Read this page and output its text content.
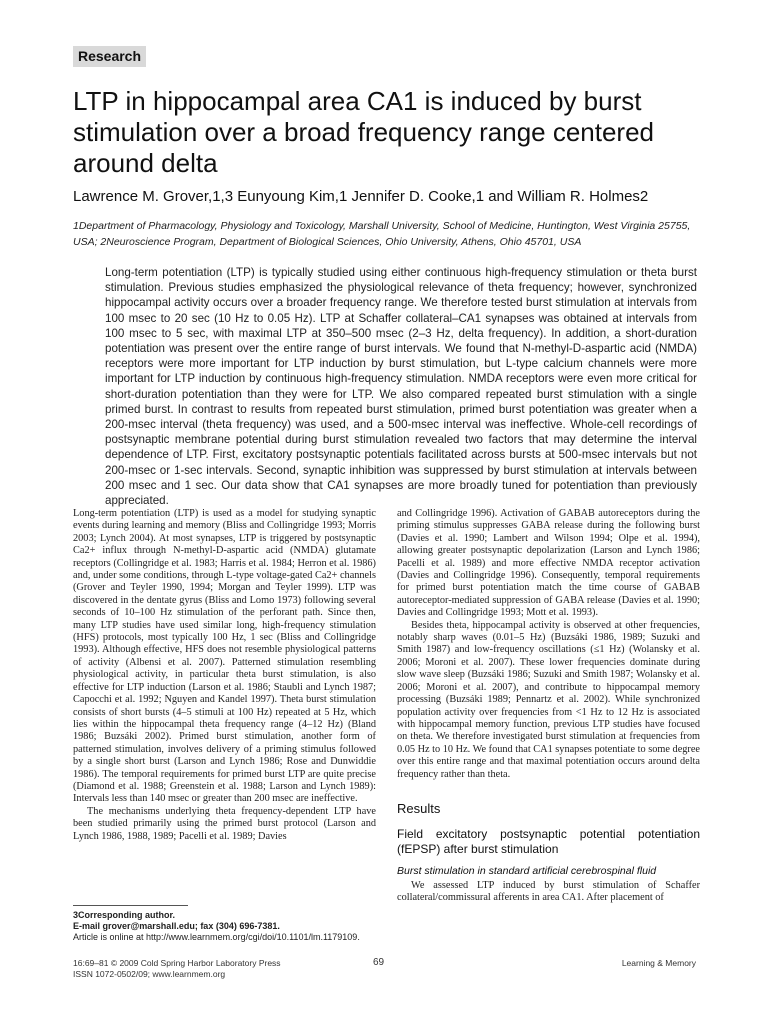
Research
LTP in hippocampal area CA1 is induced by burst stimulation over a broad frequency range centered around delta
Lawrence M. Grover,1,3 Eunyoung Kim,1 Jennifer D. Cooke,1 and William R. Holmes2
1Department of Pharmacology, Physiology and Toxicology, Marshall University, School of Medicine, Huntington, West Virginia 25755, USA; 2Neuroscience Program, Department of Biological Sciences, Ohio University, Athens, Ohio 45701, USA
Long-term potentiation (LTP) is typically studied using either continuous high-frequency stimulation or theta burst stimulation. Previous studies emphasized the physiological relevance of theta frequency; however, synchronized hippocampal activity occurs over a broader frequency range. We therefore tested burst stimulation at intervals from 100 msec to 20 sec (10 Hz to 0.05 Hz). LTP at Schaffer collateral–CA1 synapses was obtained at intervals from 100 msec to 5 sec, with maximal LTP at 350–500 msec (2–3 Hz, delta frequency). In addition, a short-duration potentiation was present over the entire range of burst intervals. We found that N-methyl-D-aspartic acid (NMDA) receptors were more important for LTP induction by burst stimulation, but L-type calcium channels were more important for LTP induction by continuous high-frequency stimulation. NMDA receptors were even more critical for short-duration potentiation than they were for LTP. We also compared repeated burst stimulation with a single primed burst. In contrast to results from repeated burst stimulation, primed burst potentiation was greater when a 200-msec interval (theta frequency) was used, and a 500-msec interval was ineffective. Whole-cell recordings of postsynaptic membrane potential during burst stimulation revealed two factors that may determine the interval dependence of LTP. First, excitatory postsynaptic potentials facilitated across bursts at 500-msec intervals but not 200-msec or 1-sec intervals. Second, synaptic inhibition was suppressed by burst stimulation at intervals between 200 msec and 1 sec. Our data show that CA1 synapses are more broadly tuned for potentiation than previously appreciated.

Long-term potentiation (LTP) is used as a model for studying synaptic events during learning and memory (Bliss and Collingridge 1993; Morris 2003; Lynch 2004). At most synapses, LTP is triggered by postsynaptic Ca2+ influx through N-methyl-D-aspartic acid (NMDA) glutamate receptors (Collingridge et al. 1983; Harris et al. 1984; Herron et al. 1986) and, under some conditions, through L-type voltage-gated Ca2+ channels (Grover and Teyler 1990, 1994; Morgan and Teyler 1999). LTP was discovered in the dentate gyrus (Bliss and Lomo 1973) following several seconds of 10–100 Hz stimulation of the perforant path. Since then, many LTP studies have used similar long, high-frequency stimulation (HFS) protocols, most typically 100 Hz, 1 sec (Bliss and Collingridge 1993). Although effective, HFS does not resemble physiological patterns of activity (Albensi et al. 2007). Patterned stimulation resembling physiological activity, in particular theta burst stimulation, is also effective for LTP induction (Larson et al. 1986; Staubli and Lynch 1987; Capocchi et al. 1992; Nguyen and Kandel 1997). Theta burst stimulation consists of short bursts (4–5 stimuli at 100 Hz) repeated at 5 Hz, which lies within the hippocampal theta frequency range (4–12 Hz) (Bland 1986; Buzsáki 2002). Primed burst stimulation, another form of patterned stimulation, involves delivery of a priming stimulus followed by a single short burst (Larson and Lynch 1986; Rose and Dunwiddie 1986). The temporal requirements for primed burst LTP are quite precise (Diamond et al. 1988; Greenstein et al. 1988; Larson and Lynch 1989): Intervals less than 140 msec or greater than 200 msec are ineffective.

The mechanisms underlying theta frequency-dependent LTP have been studied primarily using the primed burst protocol (Larson and Lynch 1986, 1988, 1989; Pacelli et al. 1989; Davies

and Collingridge 1996). Activation of GABAB autoreceptors during the priming stimulus suppresses GABA release during the following burst (Davies et al. 1990; Lambert and Wilson 1994; Olpe et al. 1994), allowing greater postsynaptic depolarization (Larson and Lynch 1986; Pacelli et al. 1989) and more effective NMDA receptor activation (Davies and Collingridge 1996). Consequently, temporal requirements for primed burst potentiation match the time course of GABAB autoreceptor-mediated suppression of GABA release (Davies et al. 1990; Davies and Collingridge 1993; Mott et al. 1993).

Besides theta, hippocampal activity is observed at other frequencies, notably sharp waves (0.01–5 Hz) (Buzsáki 1986, 1989; Suzuki and Smith 1987) and low-frequency oscillations (≤1 Hz) (Wolansky et al. 2006; Moroni et al. 2007). These lower frequencies dominate during slow wave sleep (Buzsáki 1986; Suzuki and Smith 1987; Wolansky et al. 2006; Moroni et al. 2007), and contribute to hippocampal memory processing (Buzsáki 1989; Pennartz et al. 2002). While synchronized population activity over frequencies from <1 Hz to 12 Hz is associated with hippocampal memory function, previous LTP studies have focused on theta. We therefore investigated burst stimulation at frequencies from 0.05 Hz to 10 Hz. We found that CA1 synapses potentiate to some degree over this entire range and that maximal potentiation occurs around delta frequency rather than theta.

Results
Field excitatory postsynaptic potential potentiation (fEPSP) after burst stimulation
Burst stimulation in standard artificial cerebrospinal fluid

We assessed LTP induced by burst stimulation of Schaffer collateral/commissural afferents in area CA1. After placement of

3Corresponding author.
E-mail grover@marshall.edu; fax (304) 696-7381.
Article is online at http://www.learnmem.org/cgi/doi/10.1101/lm.1179109.
16:69–81 © 2009 Cold Spring Harbor Laboratory Press
ISSN 1072-0502/09; www.learnmem.org
69	Learning & Memory
